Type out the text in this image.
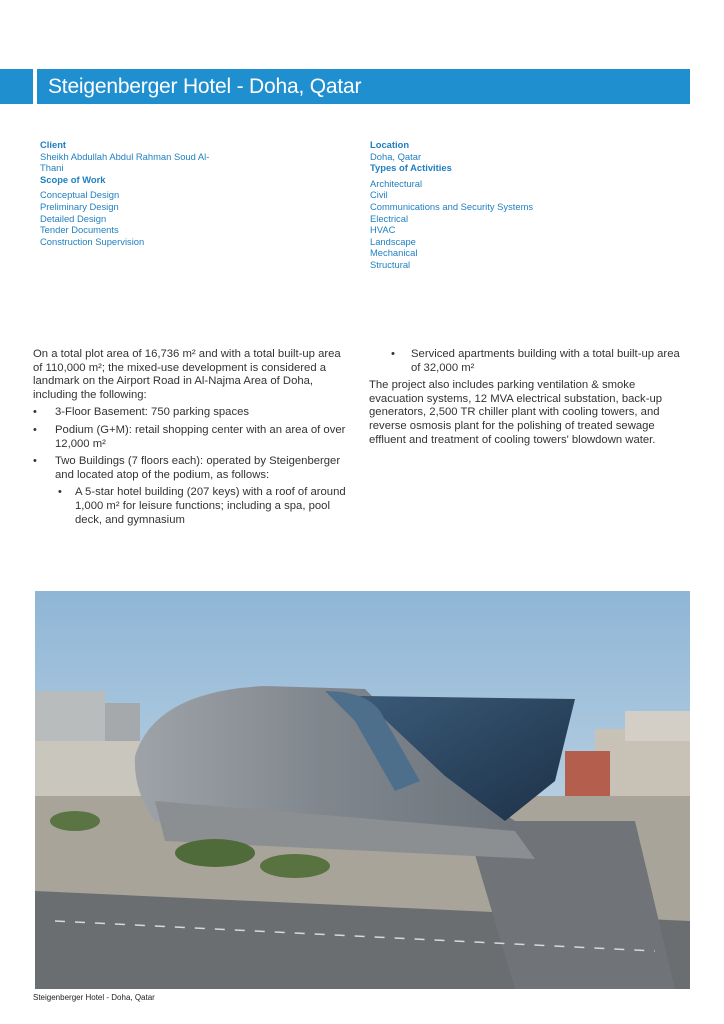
Steigenberger Hotel - Doha, Qatar
Client
Sheikh Abdullah Abdul Rahman Soud Al-
Thani
Scope of Work
Conceptual Design
Preliminary Design
Detailed Design
Tender Documents
Construction Supervision
Location
Doha, Qatar
Types of Activities
Architectural
Civil
Communications and Security Systems
Electrical
HVAC
Landscape
Mechanical
Structural

On a total plot area of 16,736 m² and with a total built-up area of 110,000 m²; the mixed-use development is considered a landmark on the Airport Road in Al-Najma Area of Doha, including the following:

• 3-Floor Basement: 750 parking spaces
• Podium (G+M): retail shopping center with an area of over 12,000 m²
• Two Buildings (7 floors each): operated by Steigenberger and located atop of the podium, as follows:
• A 5-star hotel building (207 keys) with a roof of around 1,000 m² for leisure functions; including a spa, pool deck, and gymnasium
• Serviced apartments building with a total built-up area of 32,000 m²

The project also includes parking ventilation & smoke evacuation systems, 12 MVA electrical substation, back-up generators, 2,500 TR chiller plant with cooling towers, and reverse osmosis plant for the polishing of treated sewage effluent and treatment of cooling towers' blowdown water.

Steigenberger Hotel - Doha, Qatar
